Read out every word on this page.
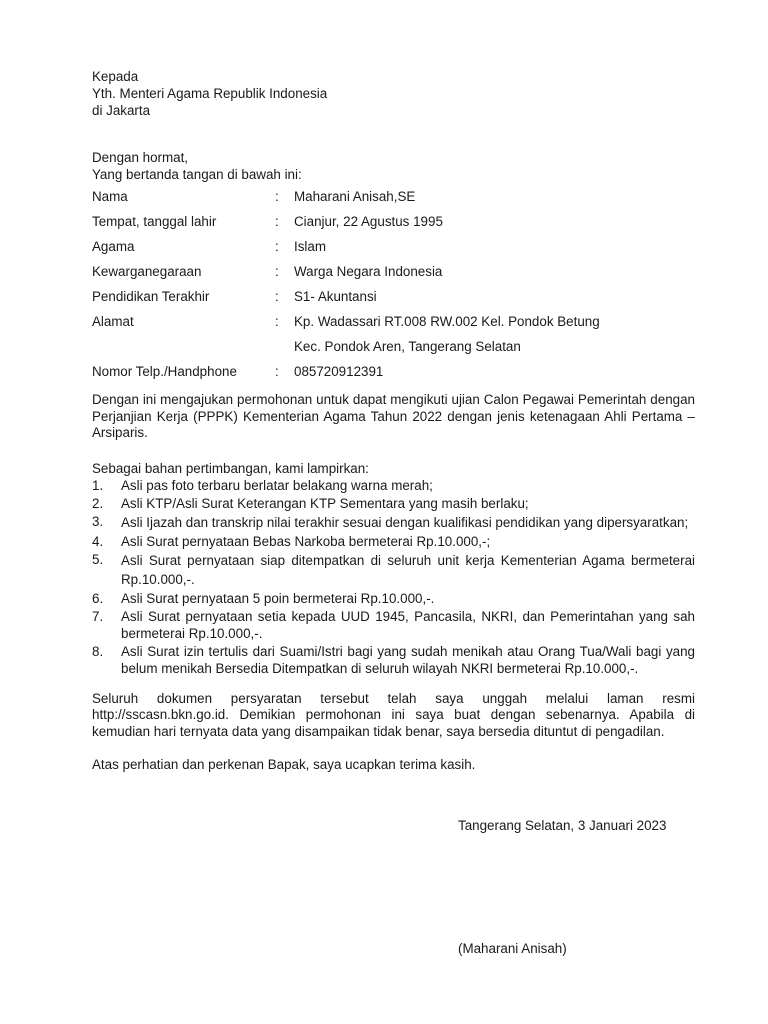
Kepada
Yth. Menteri Agama Republik Indonesia
di Jakarta
Dengan hormat,
Yang bertanda tangan di bawah ini:
Nama	:	Maharani Anisah,SE
Tempat, tanggal lahir	:	Cianjur, 22 Agustus 1995
Agama	:	Islam
Kewarganegaraan	:	Warga Negara Indonesia
Pendidikan Terakhir	:	S1- Akuntansi
Alamat	:	Kp. Wadassari RT.008 RW.002 Kel. Pondok Betung
Kec. Pondok Aren, Tangerang Selatan
Nomor Telp./Handphone	:	085720912391
Dengan ini mengajukan permohonan untuk dapat mengikuti ujian Calon Pegawai Pemerintah dengan Perjanjian Kerja (PPPK) Kementerian Agama Tahun 2022 dengan jenis ketenagaan Ahli Pertama – Arsiparis.
Sebagai bahan pertimbangan, kami lampirkan:
1.	Asli pas foto terbaru berlatar belakang warna merah;
2.	Asli KTP/Asli Surat Keterangan KTP Sementara yang masih berlaku;
3.	Asli Ijazah dan transkrip nilai terakhir sesuai dengan kualifikasi pendidikan yang dipersyaratkan;
4.	Asli Surat pernyataan Bebas Narkoba bermeterai Rp.10.000,-;
5.	Asli Surat pernyataan siap ditempatkan di seluruh unit kerja Kementerian Agama bermeterai Rp.10.000,-.
6.	Asli Surat pernyataan 5 poin bermeterai Rp.10.000,-.
7.	Asli Surat pernyataan setia kepada UUD 1945, Pancasila, NKRI, dan Pemerintahan yang sah bermeterai Rp.10.000,-.
8.	Asli Surat izin tertulis dari Suami/Istri bagi yang sudah menikah atau Orang Tua/Wali bagi yang belum menikah Bersedia Ditempatkan di seluruh wilayah NKRI bermeterai Rp.10.000,-.
Seluruh dokumen persyaratan tersebut telah saya unggah melalui laman resmi http://sscasn.bkn.go.id. Demikian permohonan ini saya buat dengan sebenarnya. Apabila di kemudian hari ternyata data yang disampaikan tidak benar, saya bersedia dituntut di pengadilan.
Atas perhatian dan perkenan Bapak, saya ucapkan terima kasih.
Tangerang Selatan, 3 Januari 2023
(Maharani Anisah)
